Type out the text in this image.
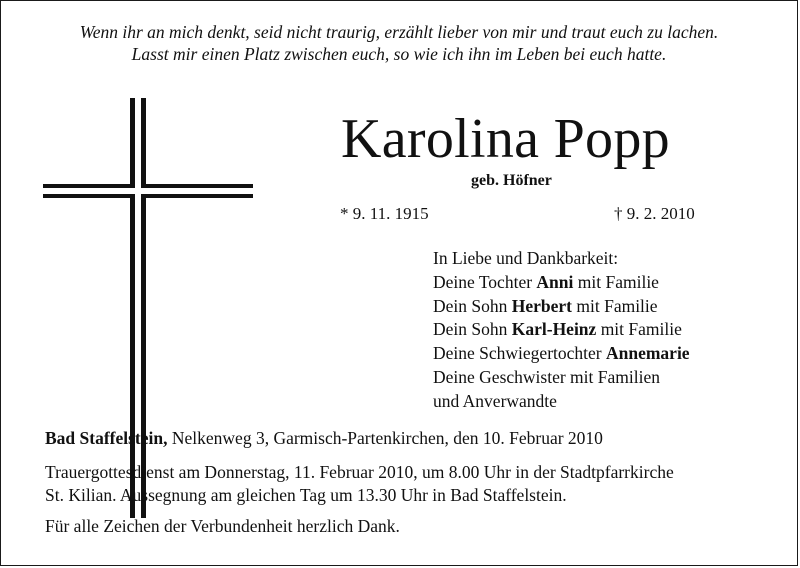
Wenn ihr an mich denkt, seid nicht traurig, erzählt lieber von mir und traut euch zu lachen.
Lasst mir einen Platz zwischen euch, so wie ich ihn im Leben bei euch hatte.
Karolina Popp
geb. Höfner
* 9. 11. 1915	† 9. 2. 2010
In Liebe und Dankbarkeit:
Deine Tochter Anni mit Familie
Dein Sohn Herbert mit Familie
Dein Sohn Karl-Heinz mit Familie
Deine Schwiegertochter Annemarie
Deine Geschwister mit Familien
und Anverwandte
Bad Staffelstein, Nelkenweg 3, Garmisch-Partenkirchen, den 10. Februar 2010
Trauergottesdienst am Donnerstag, 11. Februar 2010, um 8.00 Uhr in der Stadtpfarrkirche
St. Kilian. Aussegnung am gleichen Tag um 13.30 Uhr in Bad Staffelstein.
Für alle Zeichen der Verbundenheit herzlich Dank.
